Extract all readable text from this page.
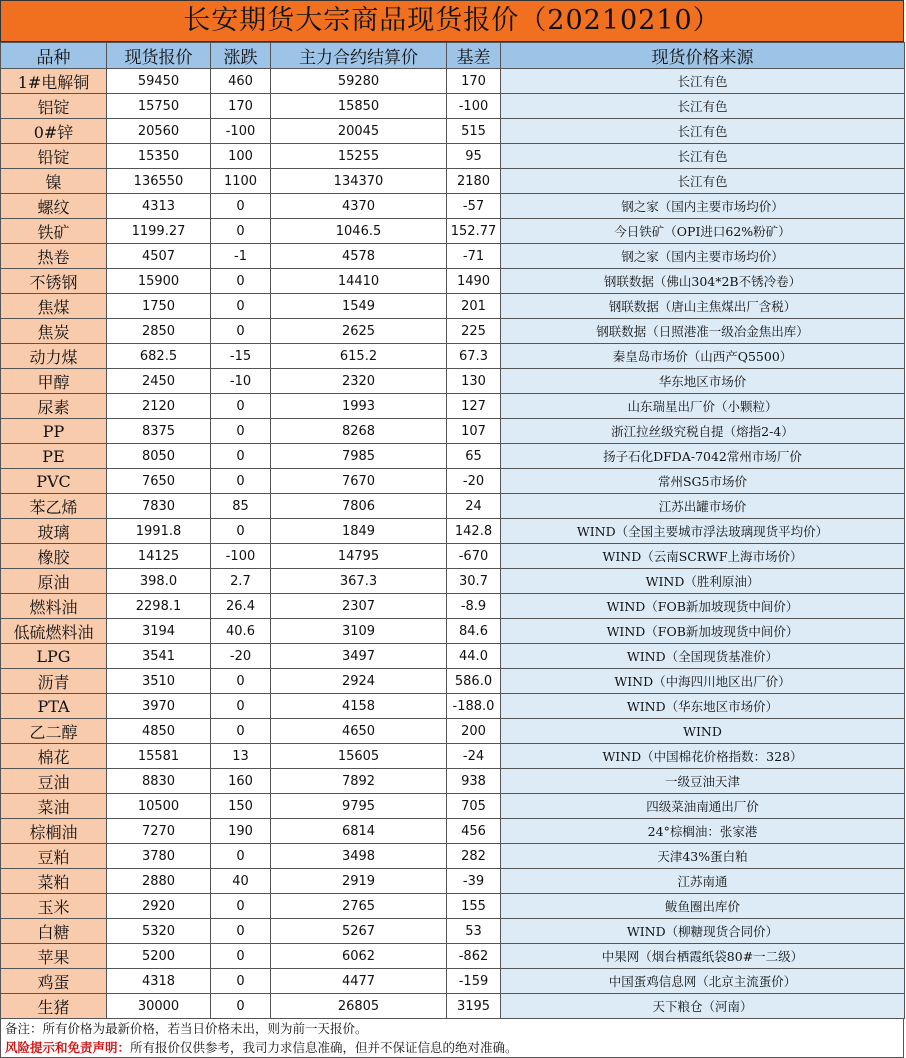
长安期货大宗商品现货报价（20210210）
品种	现货报价	涨跌	主力合约结算价	基差	现货价格来源
1#电解铜	59450	460	59280	170	长江有色
铝锭	15750	170	15850	-100	长江有色
0#锌	20560	-100	20045	515	长江有色
铅锭	15350	100	15255	95	长江有色
镍	136550	1100	134370	2180	长江有色
螺纹	4313	0	4370	-57	钢之家（国内主要市场均价）
铁矿	1199.27	0	1046.5	152.77	今日铁矿（OPI进口62%粉矿）
热卷	4507	-1	4578	-71	钢之家（国内主要市场均价）
不锈钢	15900	0	14410	1490	钢联数据（佛山304*2B不锈冷卷）
焦煤	1750	0	1549	201	钢联数据（唐山主焦煤出厂含税）
焦炭	2850	0	2625	225	钢联数据（日照港准一级冶金焦出库）
动力煤	682.5	-15	615.2	67.3	秦皇岛市场价（山西产Q5500）
甲醇	2450	-10	2320	130	华东地区市场价
尿素	2120	0	1993	127	山东瑞星出厂价（小颗粒）
PP	8375	0	8268	107	浙江拉丝级究税自提（熔指2-4）
PE	8050	0	7985	65	扬子石化DFDA-7042常州市场厂价
PVC	7650	0	7670	-20	常州SG5市场价
苯乙烯	7830	85	7806	24	江苏出罐市场价
玻璃	1991.8	0	1849	142.8	WIND（全国主要城市浮法玻璃现货平均价）
橡胶	14125	-100	14795	-670	WIND（云南SCRWF上海市场价）
原油	398.0	2.7	367.3	30.7	WIND（胜利原油）
燃料油	2298.1	26.4	2307	-8.9	WIND（FOB新加坡现货中间价）
低硫燃料油	3194	40.6	3109	84.6	WIND（FOB新加坡现货中间价）
LPG	3541	-20	3497	44.0	WIND（全国现货基准价）
沥青	3510	0	2924	586.0	WIND（中海四川地区出厂价）
PTA	3970	0	4158	-188.0	WIND（华东地区市场价）
乙二醇	4850	0	4650	200	WIND
棉花	15581	13	15605	-24	WIND（中国棉花价格指数：328）
豆油	8830	160	7892	938	一级豆油天津
菜油	10500	150	9795	705	四级菜油南通出厂价
棕榈油	7270	190	6814	456	24°棕榈油：张家港
豆粕	3780	0	3498	282	天津43%蛋白粕
菜粕	2880	40	2919	-39	江苏南通
玉米	2920	0	2765	155	鲅鱼圈出库价
白糖	5320	0	5267	53	WIND（柳糖现货合同价）
苹果	5200	0	6062	-862	中果网（烟台栖霞纸袋80#一二级）
鸡蛋	4318	0	4477	-159	中国蛋鸡信息网（北京主流蛋价）
生猪	30000	0	26805	3195	天下粮仓（河南）
备注：所有价格为最新价格，若当日价格未出，则为前一天报价。
风险提示和免责声明：所有报价仅供参考，我司力求信息准确，但并不保证信息的绝对准确。
